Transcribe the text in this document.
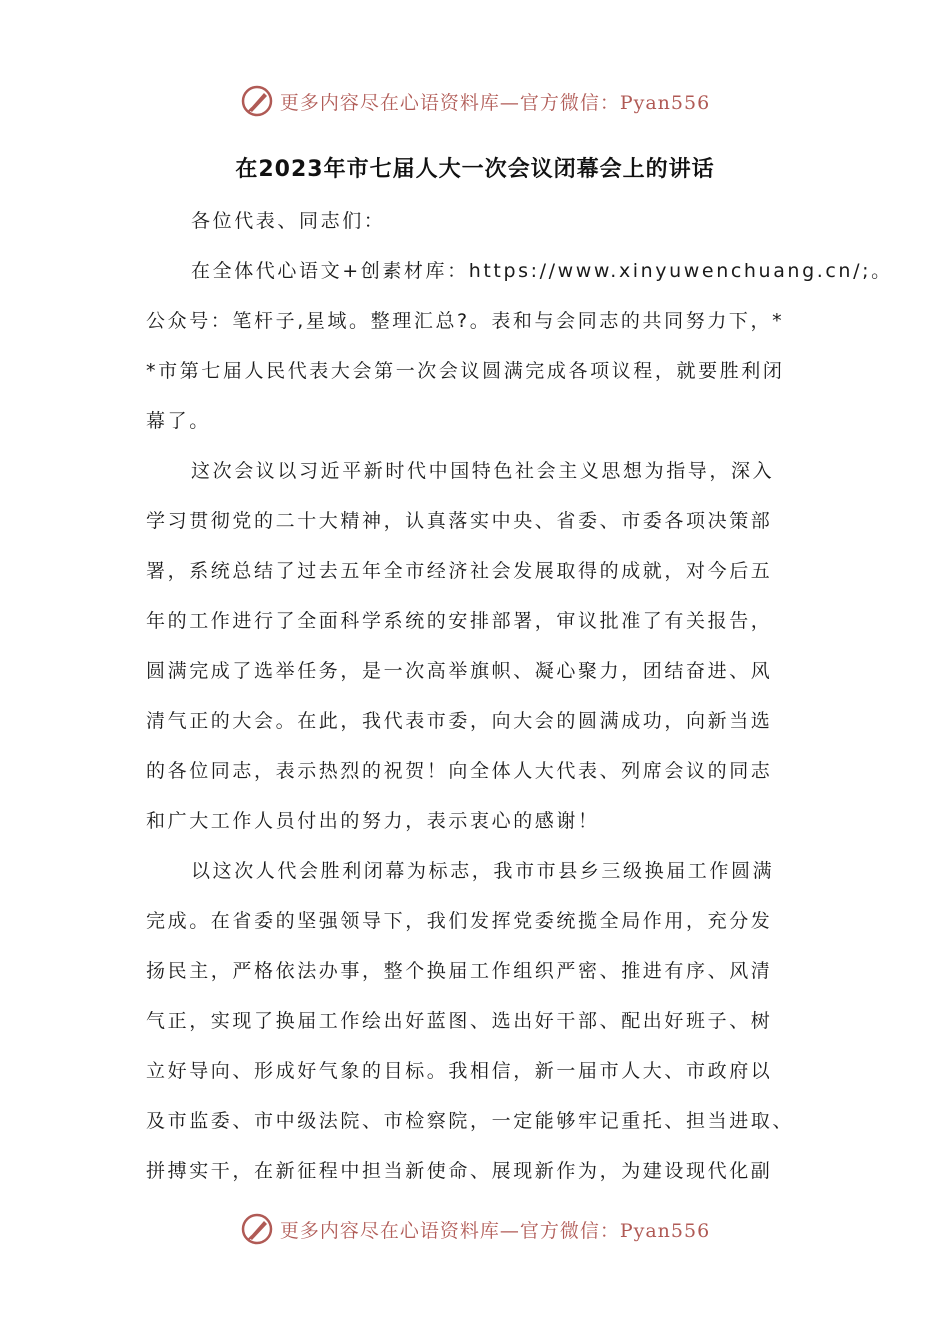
更多内容尽在心语资料库—官方微信：Pyan556
在2023年市七届人大一次会议闭幕会上的讲话

各位代表、同志们：

在全体代心语文+创素材库：https://www.xinyuwenchuang.cn/;。
公众号：笔杆子,星域。整理汇总?。表和与会同志的共同努力下，*
*市第七届人民代表大会第一次会议圆满完成各项议程，就要胜利闭
幕了。

这次会议以习近平新时代中国特色社会主义思想为指导，深入
学习贯彻党的二十大精神，认真落实中央、省委、市委各项决策部
署，系统总结了过去五年全市经济社会发展取得的成就，对今后五
年的工作进行了全面科学系统的安排部署，审议批准了有关报告，
圆满完成了选举任务，是一次高举旗帜、凝心聚力，团结奋进、风
清气正的大会。在此，我代表市委，向大会的圆满成功，向新当选
的各位同志，表示热烈的祝贺！向全体人大代表、列席会议的同志
和广大工作人员付出的努力，表示衷心的感谢！

以这次人代会胜利闭幕为标志，我市市县乡三级换届工作圆满
完成。在省委的坚强领导下，我们发挥党委统揽全局作用，充分发
扬民主，严格依法办事，整个换届工作组织严密、推进有序、风清
气正，实现了换届工作绘出好蓝图、选出好干部、配出好班子、树
立好导向、形成好气象的目标。我相信，新一届市人大、市政府以
及市监委、市中级法院、市检察院，一定能够牢记重托、担当进取、
拼搏实干，在新征程中担当新使命、展现新作为，为建设现代化副

更多内容尽在心语资料库—官方微信：Pyan556
